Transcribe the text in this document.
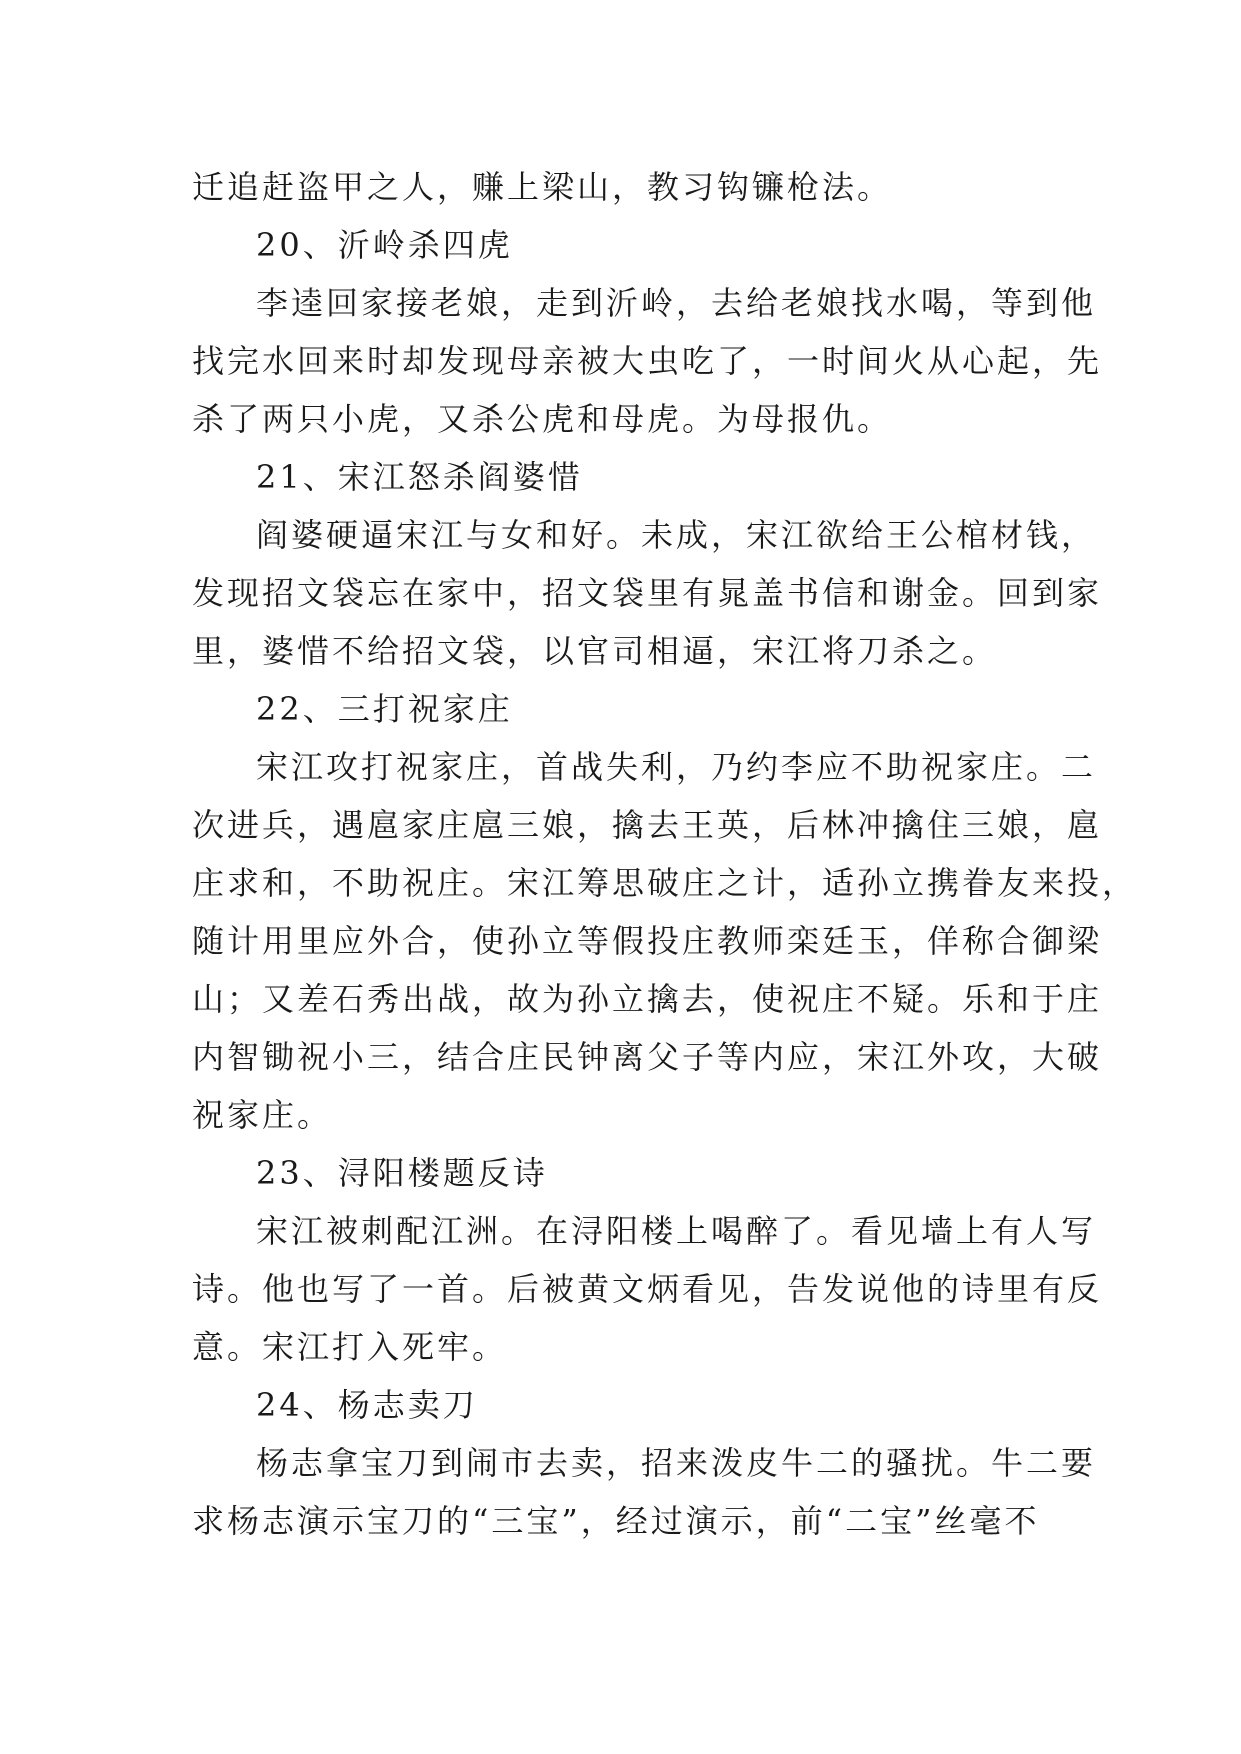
迁追赶盗甲之人，赚上梁山，教习钩镰枪法。
20、沂岭杀四虎
李逵回家接老娘，走到沂岭，去给老娘找水喝，等到他
找完水回来时却发现母亲被大虫吃了，一时间火从心起，先
杀了两只小虎，又杀公虎和母虎。为母报仇。
21、宋江怒杀阎婆惜
阎婆硬逼宋江与女和好。未成，宋江欲给王公棺材钱，
发现招文袋忘在家中，招文袋里有晁盖书信和谢金。回到家
里，婆惜不给招文袋，以官司相逼，宋江将刀杀之。
22、三打祝家庄
宋江攻打祝家庄，首战失利，乃约李应不助祝家庄。二
次进兵，遇扈家庄扈三娘，擒去王英，后林冲擒住三娘，扈
庄求和，不助祝庄。宋江筹思破庄之计，适孙立携眷友来投，
随计用里应外合，使孙立等假投庄教师栾廷玉，佯称合御梁
山；又差石秀出战，故为孙立擒去，使祝庄不疑。乐和于庄
内智锄祝小三，结合庄民钟离父子等内应，宋江外攻，大破
祝家庄。
23、浔阳楼题反诗
宋江被刺配江洲。在浔阳楼上喝醉了。看见墙上有人写
诗。他也写了一首。后被黄文炳看见，告发说他的诗里有反
意。宋江打入死牢。
24、杨志卖刀
杨志拿宝刀到闹市去卖，招来泼皮牛二的骚扰。牛二要
求杨志演示宝刀的“三宝”，经过演示，前“二宝”丝毫不
